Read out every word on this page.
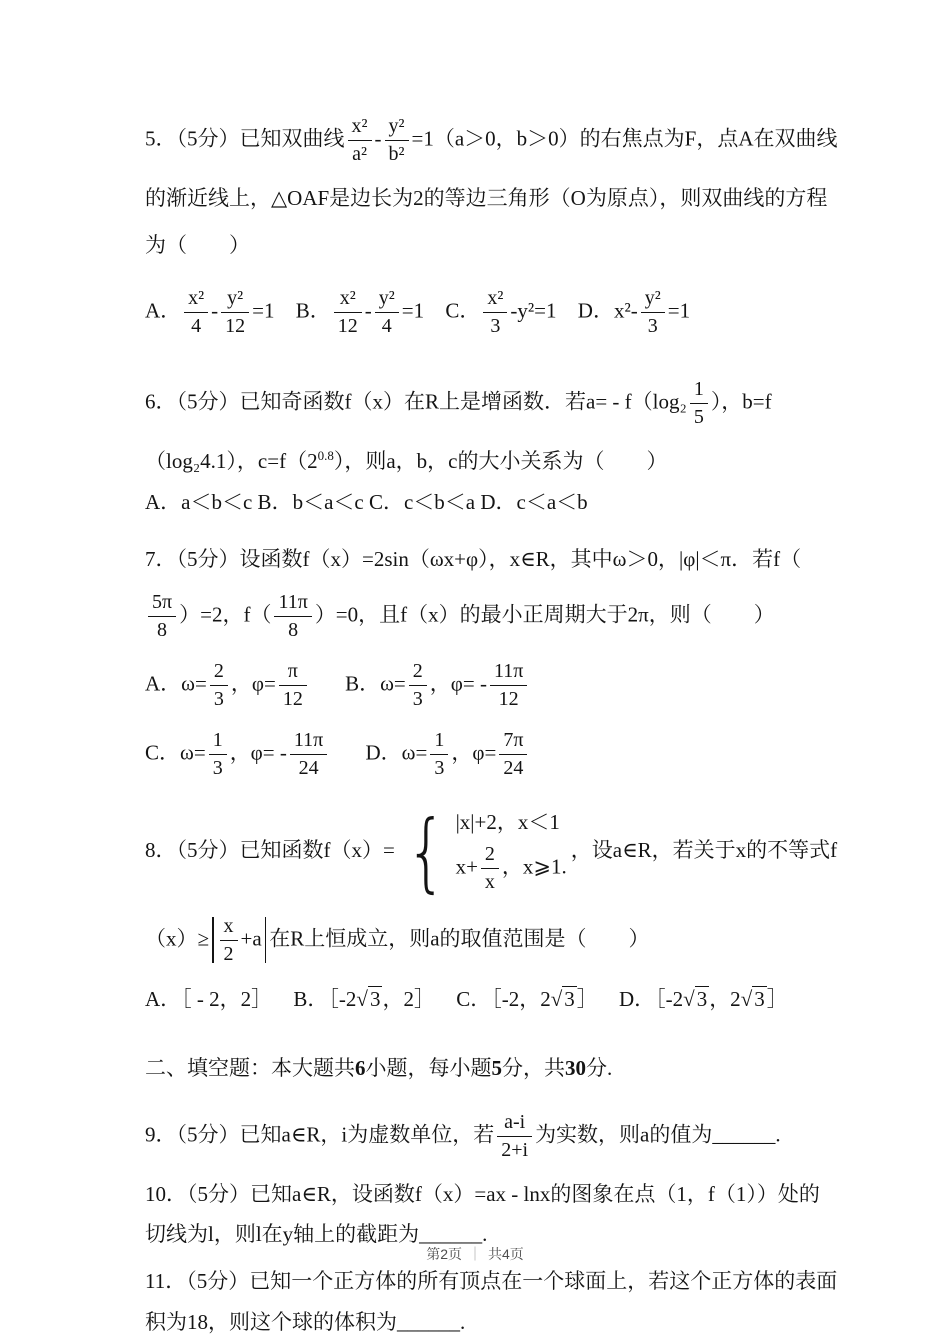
5．（5分）已知双曲线 $\frac{\text{x²}}{\text{a²}} - \frac{\text{y²}}{\text{b²}} =1(a>0$，b＞0）的右焦点为F，点A在双曲线

的渐近线上，△OAF是边长为2的等边三角形（O为原点），则双曲线的方程

为（　　）

A． $\frac{\text{x²}}{4} - \frac{\text{y²}}{12} =1$ B． $\frac{\text{x²}}{12} - \frac{\text{y²}}{4} =1$ C． $\frac{\text{x²}}{3} -y^2=1$ D．$x^2- \frac{\text{y²}}{3} =1$

6．（5分）已知奇函数f（x）在R上是增函数．若$a= - f(\log_2 \frac{1}{5}$ ），b=f

（log₂4.1），$c=f(2^{0.8})$，则a，b，c的大小关系为（　　）

A．a＜b＜c B．b＜a＜c C．c＜b＜a D．c＜a＜b

7．（5分）设函数f（x）=2sin（ωx+φ），x∈R，其中ω＞0，|φ|＜π．若f（

$\frac{5\pi}{8} )=2$，$f( \frac{11\pi}{8} )=0$，且f（x）的最小正周期大于2π，则（　　）

A．$\omega= \frac{2}{3}$ ，$\varphi= \frac{\pi}{12}$ B．$\omega= \frac{2}{3}$ ，$\varphi= - \frac{11\pi}{12}$

C．$\omega= \frac{1}{3}$ ，$\varphi= - \frac{11\pi}{24}$ D．$\omega= \frac{1}{3}$ ，$\varphi= \frac{7\pi}{24}$

8．（5分）已知函数f（x）= { |x|+2，x＜1
$x+ \frac{2}{x}$ ，x⩾1.
，设a∈R，若关于x的不等式f

$(x)\ge \frac{x}{2} +a$ 在R上恒成立，则a的取值范围是（　　）

A．［ - 2，2］ B．［-2√3，2］ C．［-2，2√3］ D．［-2√3，2√3］

二、填空题：本大题共6小题，每小题5分，共30分.

9．（5分）已知a∈R，i为虚数单位，若 $\frac{a-i}{2+i}$ 为实数，则a的值为______.

10．（5分）已知a∈R，设函数f（x）=ax - lnx的图象在点（1，f（1））处的

切线为l，则l在y轴上的截距为______.

11．（5分）已知一个正方体的所有顶点在一个球面上，若这个正方体的表面

积为18，则这个球的体积为______.

第2页 ｜ 共4页
